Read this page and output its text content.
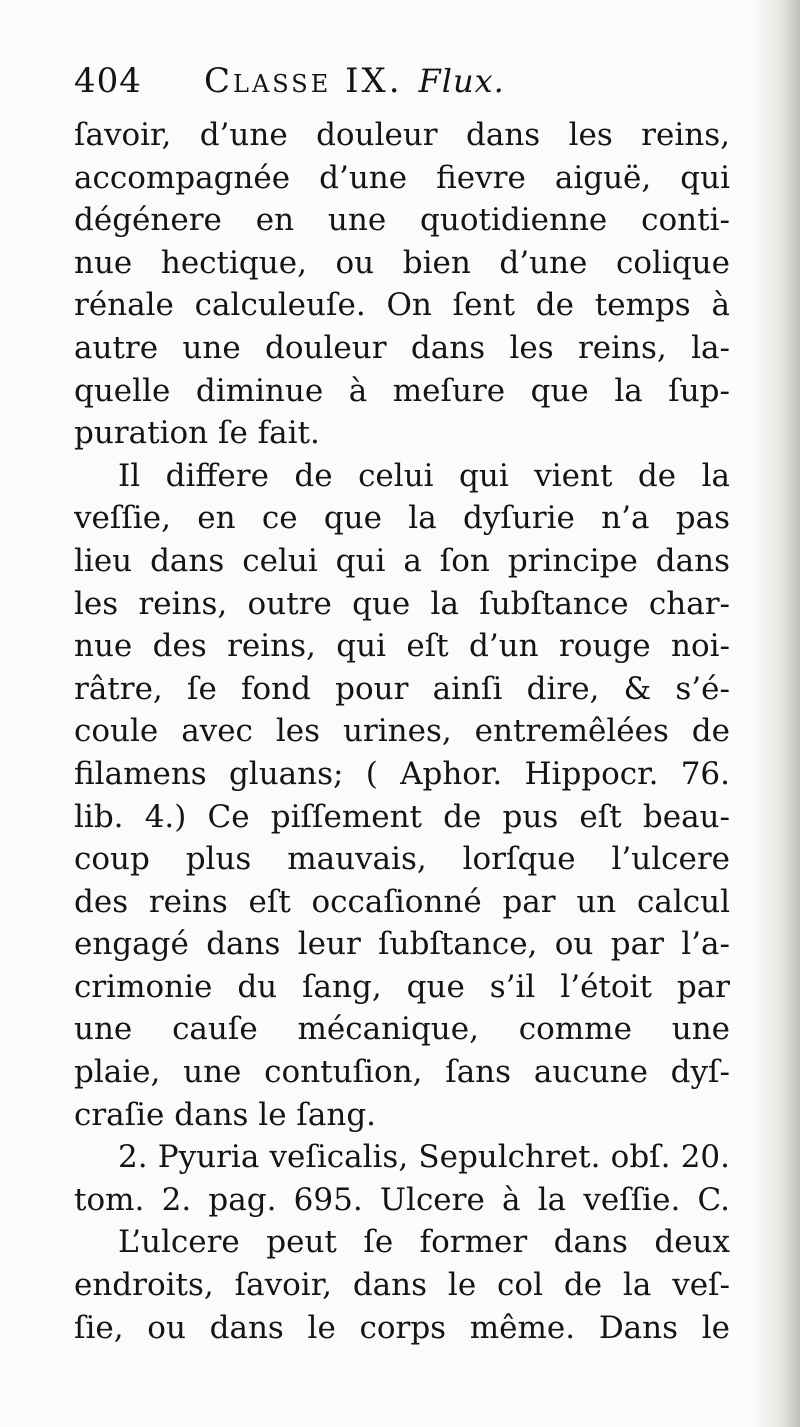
404	Classe IX. Flux.
ſavoir, d’une douleur dans les reins,
accompagnée d’une fievre aiguë, qui
dégénere en une quotidienne conti-
nue hectique, ou bien d’une colique
rénale calculeuſe. On ſent de temps à
autre une douleur dans les reins, la-
quelle diminue à meſure que la ſup-
puration ſe fait.
Il differe de celui qui vient de la
veſſie, en ce que la dyſurie n’a pas
lieu dans celui qui a ſon principe dans
les reins, outre que la ſubſtance char-
nue des reins, qui eſt d’un rouge noi-
râtre, ſe fond pour ainſi dire, & s’é-
coule avec les urines, entremêlées de
filamens gluans; ( Aphor. Hippocr. 76.
lib. 4.) Ce piſſement de pus eſt beau-
coup plus mauvais, lorſque l’ulcere
des reins eſt occaſionné par un calcul
engagé dans leur ſubſtance, ou par l’a-
crimonie du ſang, que s’il l’étoit par
une cauſe mécanique, comme une
plaie, une contuſion, ſans aucune dyſ-
craſie dans le ſang.
2. Pyuria veſicalis, Sepulchret. obſ. 20.
tom. 2. pag. 695. Ulcere à la veſſie. C.
L’ulcere peut ſe former dans deux
endroits, ſavoir, dans le col de la veſ-
ſie, ou dans le corps même. Dans le
